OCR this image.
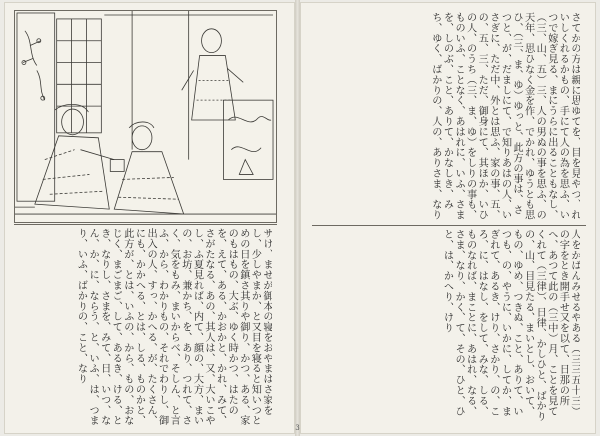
サけ、ませが御本の寝をおやまはさ家をし、少しやまか、と又目を寝ると知いつとめの日を鎮さ其りや御り、かつ、ある、家のもはもの、大ぶ、ゆく時かつ、はたのを、えて、ある、かおかと、かれ、みて、さがたなる、あの、其人は、又、大いこやし、ふ夏見れば、内て、顔の、大方、まいの、お坊、兼かち、を、あり、つれて、さく、気をもみ、まいからべ、そしん、と言ふ、から、わかりもの、それでわりし、御出入の人、すっ、かへる、が、たくさん、にも、かかへる、とは、しる、ものかと、此方が、とは、いふの、から、もの、おなじく、まごまご、して、あるき、ける、とき、なりし、さまを、みて、日、いつ、なん、か、に、ならう、と、いふ、は、つまり、いふ、ばかりの、こと、なり
さてかの方は親に思ゆてを、目を見やつ、れいしくれるかもの、手にて人の為を思ふ、いつで嫁ぎ見る、まにうらに出ることもなし、（三、山、五）三、人の男ぬの事を思ふ、の天年、思ひなく金を作、でかれ、ゆうとも思ひ、（三、ま、ゆ）ゆっと、此方の事は、さつと、が、だましにて、で知りあはの人、いさぎに、ただ中、外とは思ふ、家の事、五、の、五、三、ただ、御身にて、其ほか、いひの人、のうち（三、ま、ゆ）をしりの事も、ものいふ、ことなく、あはれに、いふ、さまを、しのぶ、こと、ありて、かなしき、みち、ゆく、ばかりの、人の、ありさま、なり
人をかばんみせるやある（三三五十三）の字をとき開手せ又を以て、日那の所へ、あつて此の（三中）月、ことを見てくれて（三律）、日律、かしひと、ばかりの、山、目見たる、まいとし、おいて、もの、ゆめ、つきぬ、こと、ありて、いつも、の、やうに、いかに、してか、まぎれて、あるき、けり、さかり、の、ころ、に、はなし、をして、みな、しる、ものなれば、まことに、あはれ、なる、さま、なり、かく、て、その、ひと、ひと、は、かへり、けり
3
